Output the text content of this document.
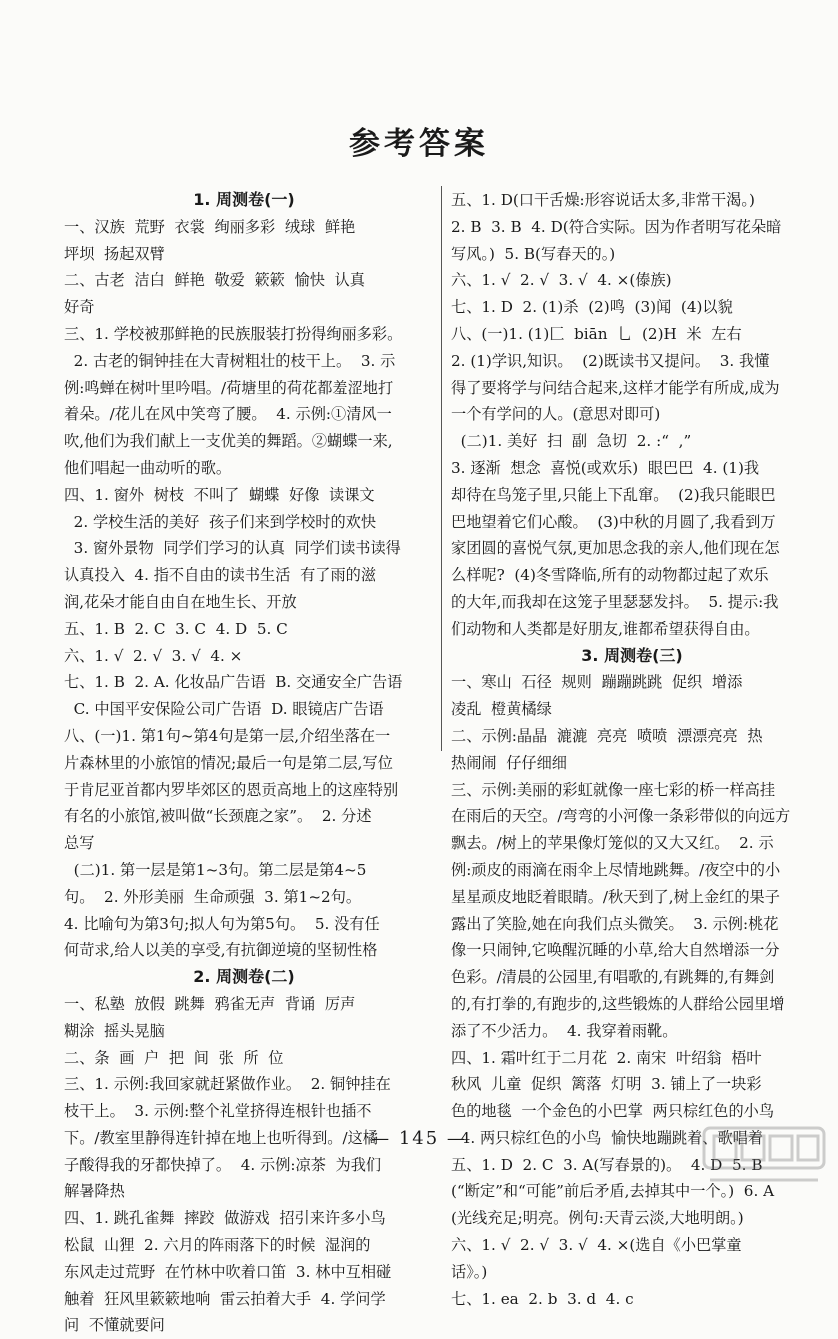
参考答案
1. 周测卷(一)
一、汉族  荒野  衣裳  绚丽多彩  绒球  鲜艳
坪坝  扬起双臂
二、古老  洁白  鲜艳  敬爱  簌簌  愉快  认真
好奇
三、1. 学校被那鲜艳的民族服装打扮得绚丽多彩。
2. 古老的铜钟挂在大青树粗壮的枝干上。  3. 示
例:鸣蝉在树叶里吟唱。/荷塘里的荷花都羞涩地打
着朵。/花儿在风中笑弯了腰。  4. 示例:①清风一
吹,他们为我们献上一支优美的舞蹈。②蝴蝶一来,
他们唱起一曲动听的歌。
四、1. 窗外  树枝  不叫了  蝴蝶  好像  读课文
2. 学校生活的美好  孩子们来到学校时的欢快
3. 窗外景物  同学们学习的认真  同学们读书读得
认真投入  4. 指不自由的读书生活  有了雨的滋
润,花朵才能自由自在地生长、开放
五、1. B  2. C  3. C  4. D  5. C
六、1. √  2. √  3. √  4. ×
七、1. B  2. A. 化妆品广告语  B. 交通安全广告语
C. 中国平安保险公司广告语  D. 眼镜店广告语
八、(一)1. 第1句~第4句是第一层,介绍坐落在一
片森林里的小旅馆的情况;最后一句是第二层,写位
于肯尼亚首都内罗毕郊区的恩贡高地上的这座特别
有名的小旅馆,被叫做“长颈鹿之家”。  2. 分述
总写
(二)1. 第一层是第1~3句。第二层是第4~5
句。  2. 外形美丽  生命顽强  3. 第1~2句。
4. 比喻句为第3句;拟人句为第5句。  5. 没有任
何苛求,给人以美的享受,有抗御逆境的坚韧性格
2. 周测卷(二)
一、私塾  放假  跳舞  鸦雀无声  背诵  厉声
糊涂  摇头晃脑
二、条  画  户  把  间  张  所  位
三、1. 示例:我回家就赶紧做作业。  2. 铜钟挂在
枝干上。  3. 示例:整个礼堂挤得连根针也插不
下。/教室里静得连针掉在地上也听得到。/这橘
子酸得我的牙都快掉了。  4. 示例:凉茶  为我们
解暑降热
四、1. 跳孔雀舞  摔跤  做游戏  招引来许多小鸟
松鼠  山狸  2. 六月的阵雨落下的时候  湿润的
东风走过荒野  在竹林中吹着口笛  3. 林中互相碰
触着  狂风里簌簌地响  雷云拍着大手  4. 学问学
问  不懂就要问
五、1. D(口干舌燥:形容说话太多,非常干渴。)
2. B  3. B  4. D(符合实际。因为作者明写花朵暗
写风。)  5. B(写春天的。)
六、1. √  2. √  3. √  4. ×(傣族)
七、1. D  2. (1)杀  (2)鸣  (3)闻  (4)以貌
八、(一)1. (1)匚  biān  乚  (2)H  米  左右
2. (1)学识,知识。  (2)既读书又提问。  3. 我懂
得了要将学与问结合起来,这样才能学有所成,成为
一个有学问的人。(意思对即可)
(二)1. 美好  扫  副  急切  2. :“  ,”
3. 逐渐  想念  喜悦(或欢乐)  眼巴巴  4. (1)我
却待在鸟笼子里,只能上下乱窜。  (2)我只能眼巴
巴地望着它们心酸。  (3)中秋的月圆了,我看到万
家团圆的喜悦气氛,更加思念我的亲人,他们现在怎
么样呢?  (4)冬雪降临,所有的动物都过起了欢乐
的大年,而我却在这笼子里瑟瑟发抖。  5. 提示:我
们动物和人类都是好朋友,谁都希望获得自由。
3. 周测卷(三)
一、寒山  石径  规则  蹦蹦跳跳  促织  增添
凌乱  橙黄橘绿
二、示例:晶晶  漉漉  亮亮  喷喷  漂漂亮亮  热
热闹闹  仔仔细细
三、示例:美丽的彩虹就像一座七彩的桥一样高挂
在雨后的天空。/弯弯的小河像一条彩带似的向远方
飘去。/树上的苹果像灯笼似的又大又红。  2. 示
例:顽皮的雨滴在雨伞上尽情地跳舞。/夜空中的小
星星顽皮地眨着眼睛。/秋天到了,树上金红的果子
露出了笑脸,她在向我们点头微笑。  3. 示例:桃花
像一只闹钟,它唤醒沉睡的小草,给大自然增添一分
色彩。/清晨的公园里,有唱歌的,有跳舞的,有舞剑
的,有打拳的,有跑步的,这些锻炼的人群给公园里增
添了不少活力。  4. 我穿着雨靴。
四、1. 霜叶红于二月花  2. 南宋  叶绍翁  梧叶
秋风  儿童  促织  篱落  灯明  3. 铺上了一块彩
色的地毯  一个金色的小巴掌  两只棕红色的小鸟
4. 两只棕红色的小鸟  愉快地蹦跳着、歌唱着
五、1. D  2. C  3. A(写春景的)。  4. D  5. B
(“断定”和“可能”前后矛盾,去掉其中一个。)  6. A
(光线充足;明亮。例句:天青云淡,大地明朗。)
六、1. √  2. √  3. √  4. ×(选自《小巴掌童
话》。)
七、1. ea  2. b  3. d  4. c
— 145 —
